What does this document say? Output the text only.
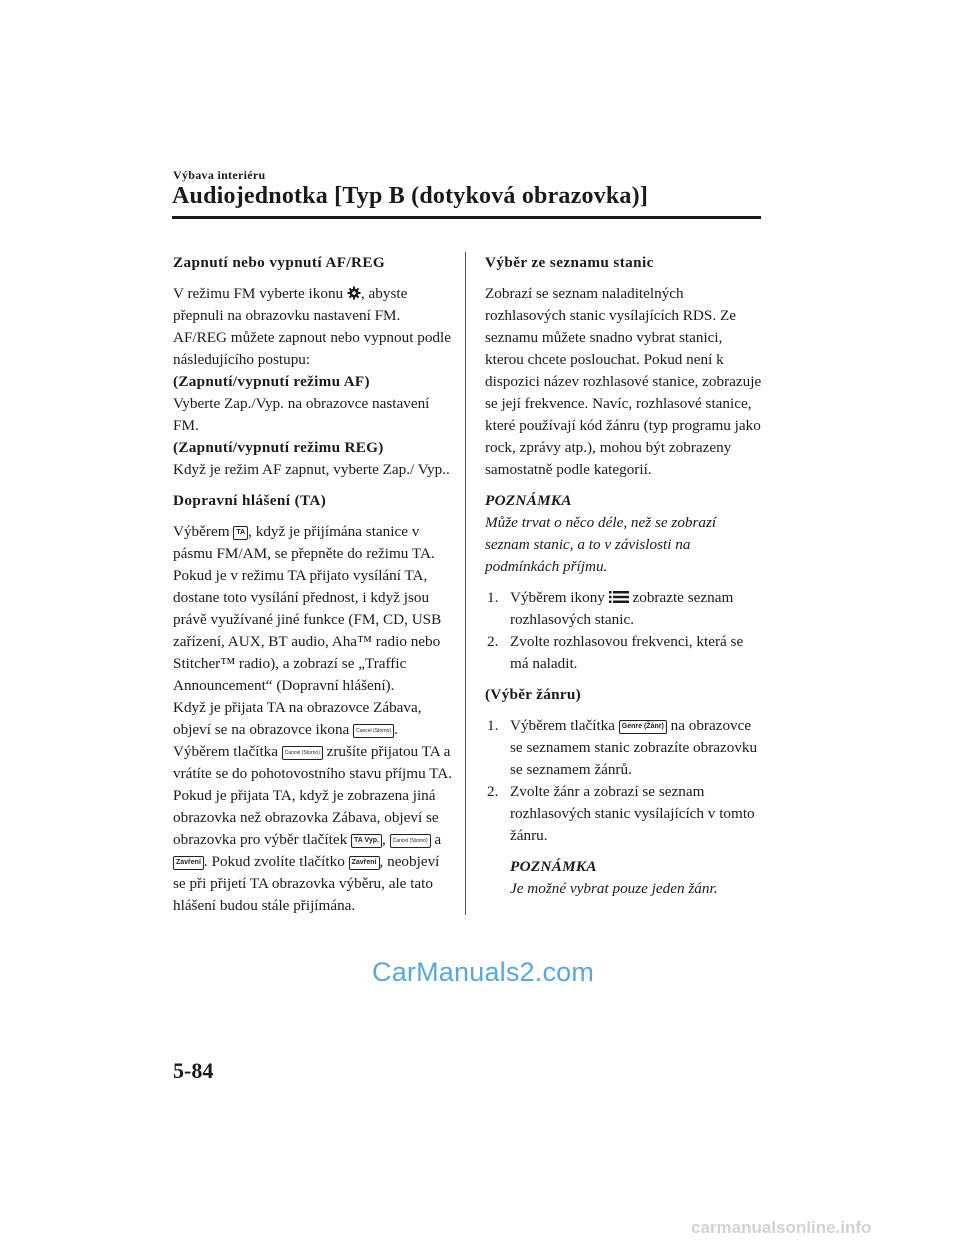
Výbava interiéru
Audiojednotka [Typ B (dotyková obrazovka)]
Zapnutí nebo vypnutí AF/REG

V režimu FM vyberte ikonu , abyste přepnuli na obrazovku nastavení FM. AF/REG můžete zapnout nebo vypnout podle následujícího postupu:

(Zapnutí/vypnutí režimu AF)

Vyberte Zap./Vyp. na obrazovce nastavení FM.

(Zapnutí/vypnutí režimu REG)

Když je režim AF zapnut, vyberte Zap./ Vyp..

Dopravní hlášení (TA)

Výběrem TA , když je přijímána stanice v pásmu FM/AM, se přepněte do režimu TA.

Pokud je v režimu TA přijato vysílání TA, dostane toto vysílání přednost, i když jsou právě využívané jiné funkce (FM, CD, USB zařízení, AUX, BT audio, Aha™ radio nebo Stitcher™ radio), a zobrazí se „Traffic Announcement“ (Dopravní hlášení).

Když je přijata TA na obrazovce Zábava, objeví se na obrazovce ikona Cancel (Storno) .

Výběrem tlačítka Cancel (Storno) zrušíte přijatou TA a vrátíte se do pohotovostního stavu příjmu TA. Pokud je přijata TA, když je zobrazena jiná obrazovka než obrazovka Zábava, objeví se obrazovka pro výběr tlačítek TA Vyp. , Cancel (Storno) a Zavření . Pokud zvolíte tlačítko Zavření , neobjeví se při přijetí TA obrazovka výběru, ale tato hlášení budou stále přijímána.

Výběr ze seznamu stanic

Zobrazí se seznam naladitelných rozhlasových stanic vysílajících RDS. Ze seznamu můžete snadno vybrat stanici, kterou chcete poslouchat. Pokud není k dispozici název rozhlasové stanice, zobrazuje se její frekvence. Navíc, rozhlasové stanice, které používají kód žánru (typ programu jako rock, zprávy atp.), mohou být zobrazeny samostatně podle kategorií.

POZNÁMKA

Může trvat o něco déle, než se zobrazí seznam stanic, a to v závislosti na podmínkách příjmu.

1. Výběrem ikony zobrazte seznam rozhlasových stanic.
2. Zvolte rozhlasovou frekvenci, která se má naladit.
(Výběr žánru)
1. Výběrem tlačítka Genre (Žánr) na obrazovce se seznamem stanic zobrazíte obrazovku se seznamem žánrů.
2. Zvolte žánr a zobrazí se seznam rozhlasových stanic vysílajících v tomto žánru.
POZNÁMKA

Je možné vybrat pouze jeden žánr.

CarManuals2.com
5-84
carmanualsonline.info
